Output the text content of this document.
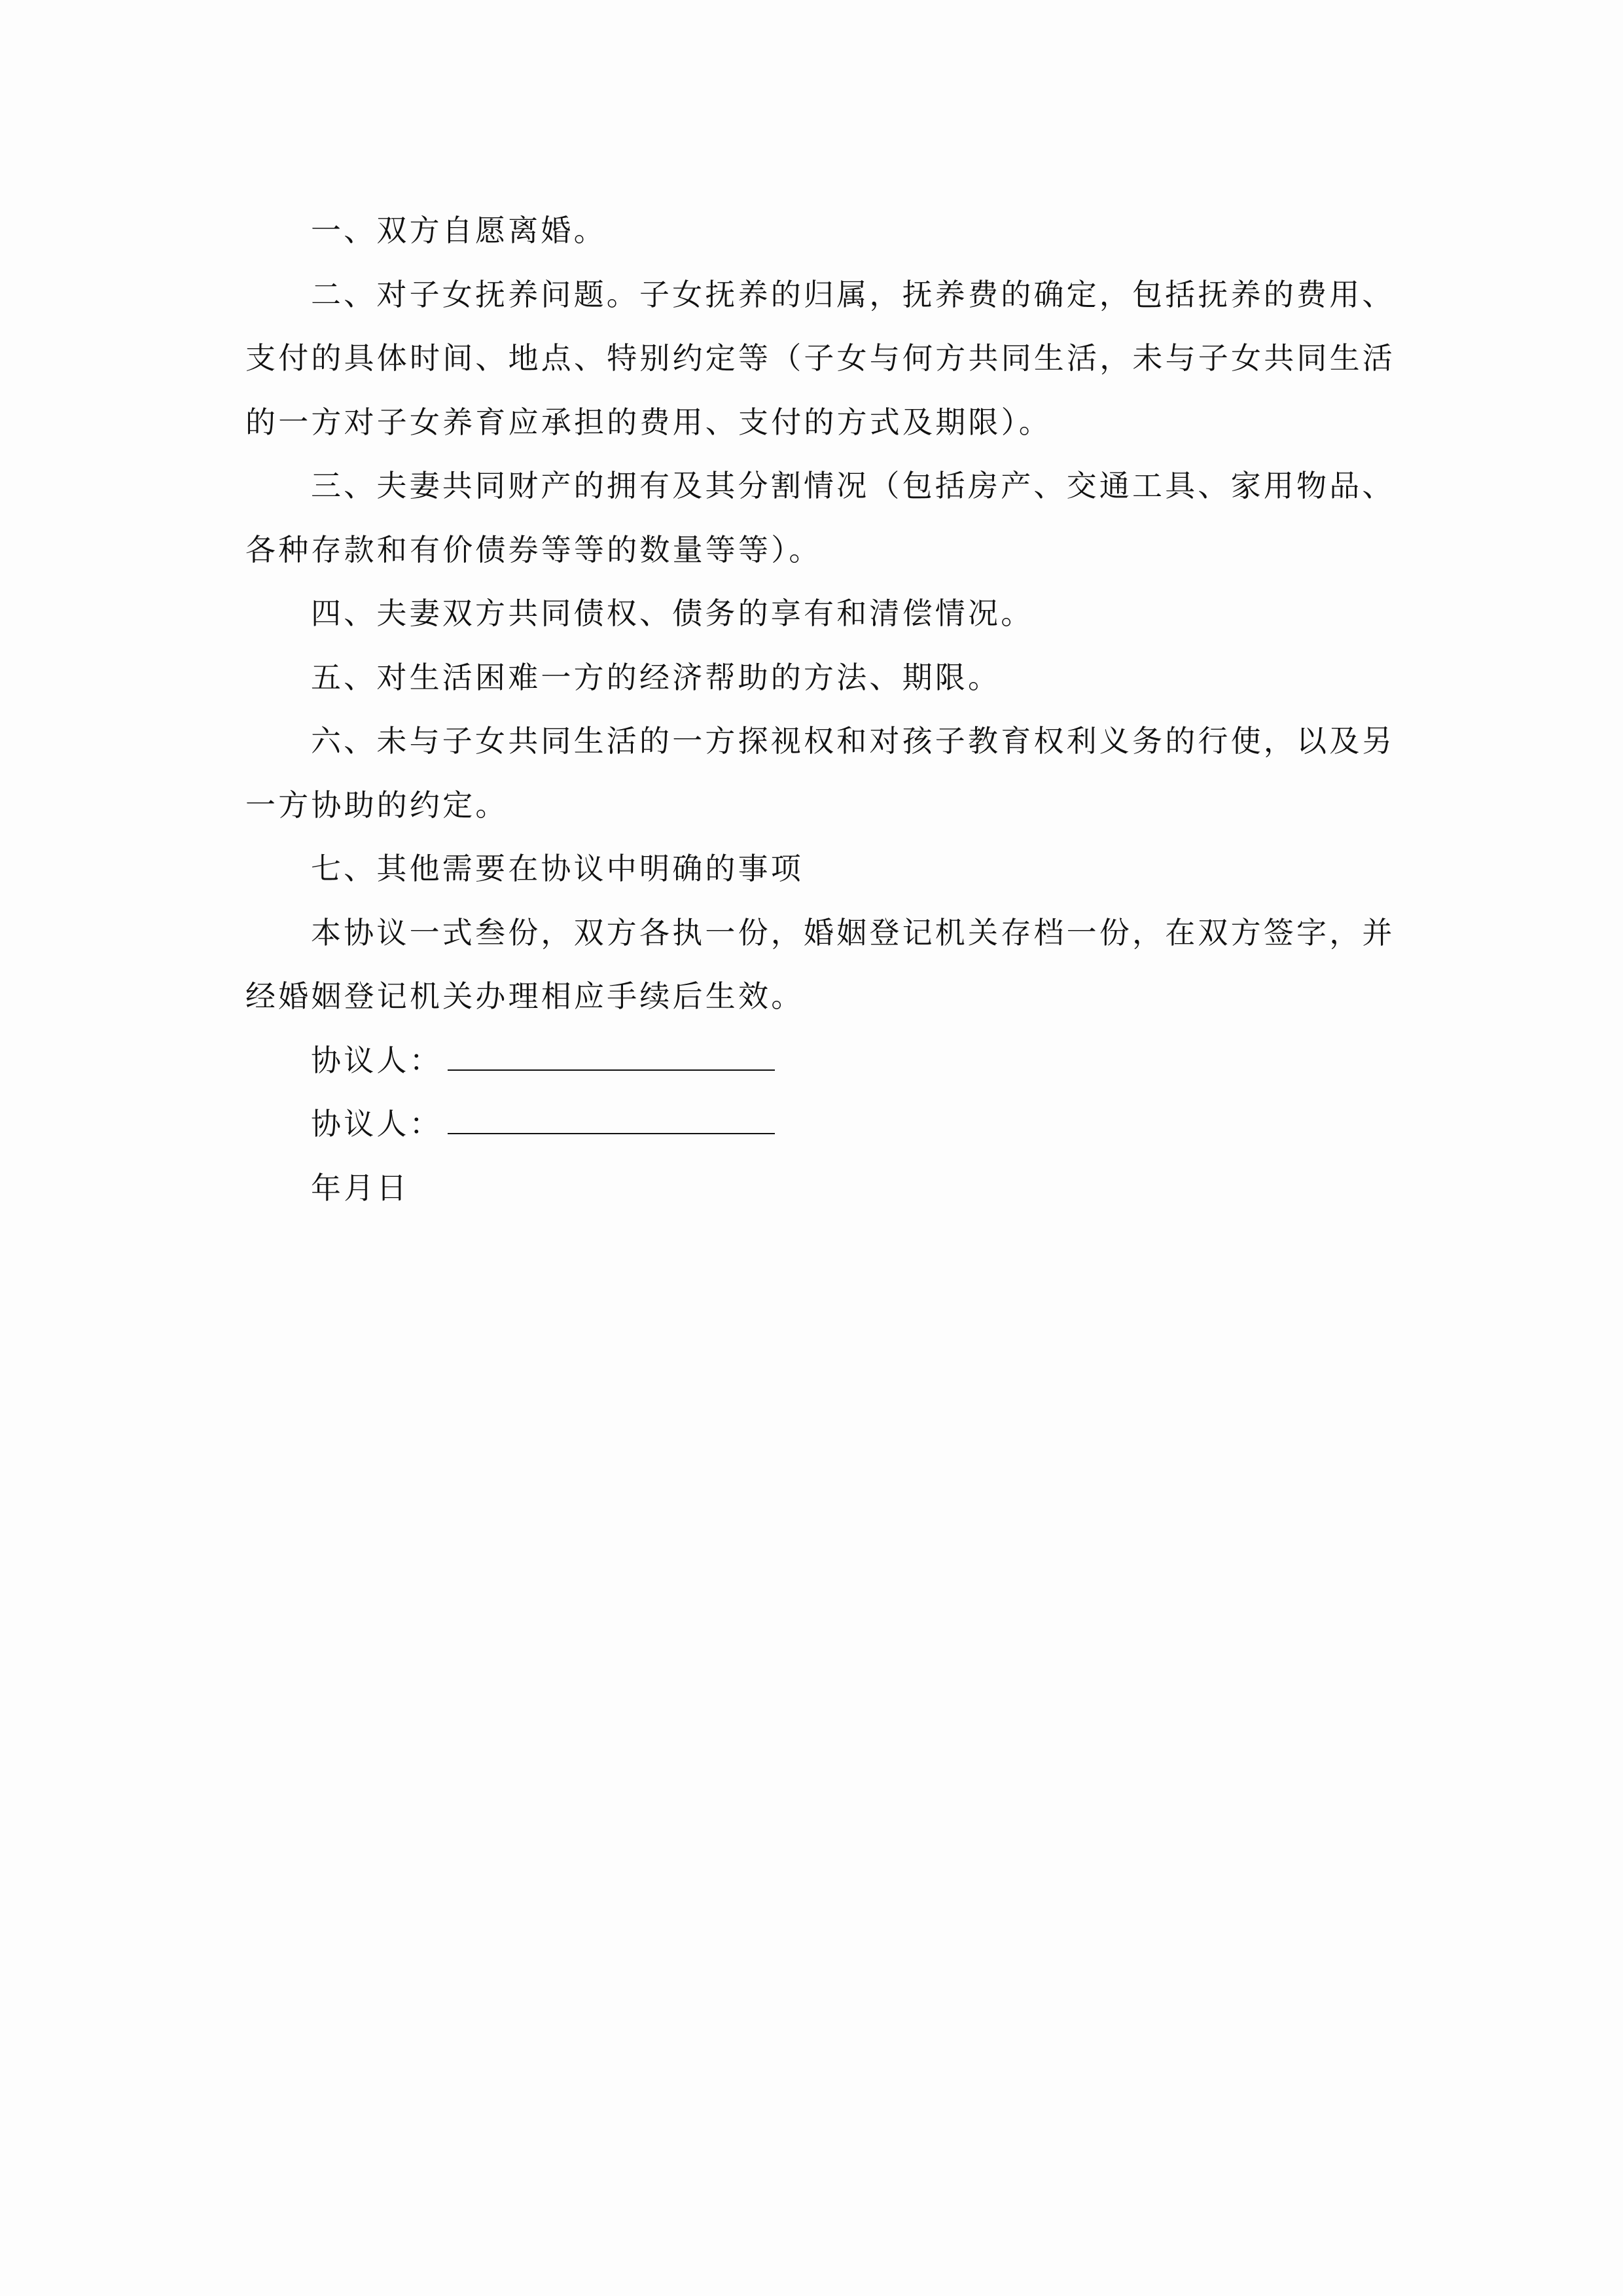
一、双方自愿离婚。
二、对子女抚养问题。子女抚养的归属，抚养费的确定，包括抚养的费用、
支付的具体时间、地点、特别约定等（子女与何方共同生活，未与子女共同生活
的一方对子女养育应承担的费用、支付的方式及期限）。
三、夫妻共同财产的拥有及其分割情况（包括房产、交通工具、家用物品、
各种存款和有价债券等等的数量等等）。
四、夫妻双方共同债权、债务的享有和清偿情况。
五、对生活困难一方的经济帮助的方法、期限。
六、未与子女共同生活的一方探视权和对孩子教育权利义务的行使，以及另
一方协助的约定。
七、其他需要在协议中明确的事项
本协议一式叁份，双方各执一份，婚姻登记机关存档一份，在双方签字，并
经婚姻登记机关办理相应手续后生效。
协议人：
协议人：
年月日
